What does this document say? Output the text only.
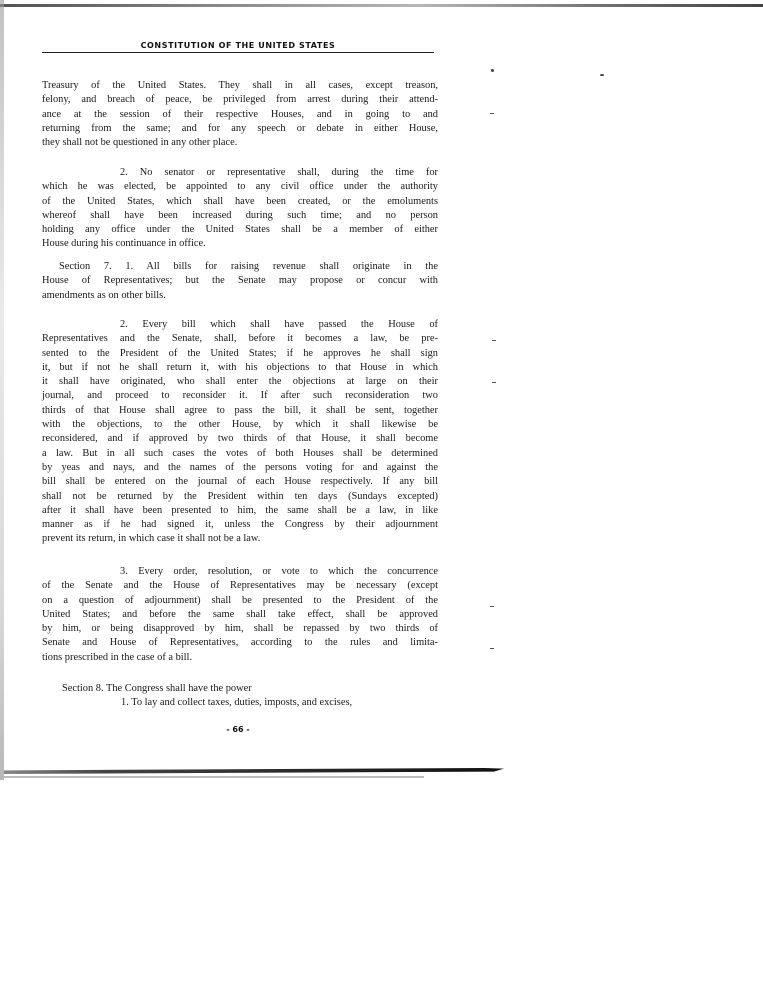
CONSTITUTION OF THE UNITED STATES
Treasury of the United States. They shall in all cases, except treason,
felony, and breach of peace, be privileged from arrest during their attend-
ance at the session of their respective Houses, and in going to and
returning from the same; and for any speech or debate in either House,
they shall not be questioned in any other place.
2. No senator or representative shall, during the time for
which he was elected, be appointed to any civil office under the authority
of the United States, which shall have been created, or the emoluments
whereof shall have been increased during such time; and no person
holding any office under the United States shall be a member of either
House during his continuance in office.
Section 7. 1. All bills for raising revenue shall originate in the
House of Representatives; but the Senate may propose or concur with
amendments as on other bills.
2. Every bill which shall have passed the House of
Representatives and the Senate, shall, before it becomes a law, be pre-
sented to the President of the United States; if he approves he shall sign
it, but if not he shall return it, with his objections to that House in which
it shall have originated, who shall enter the objections at large on their
journal, and proceed to reconsider it. If after such reconsideration two
thirds of that House shall agree to pass the bill, it shall be sent, together
with the objections, to the other House, by which it shall likewise be
reconsidered, and if approved by two thirds of that House, it shall become
a law. But in all such cases the votes of both Houses shall be determined
by yeas and nays, and the names of the persons voting for and against the
bill shall be entered on the journal of each House respectively. If any bill
shall not be returned by the President within ten days (Sundays excepted)
after it shall have been presented to him, the same shall be a law, in like
manner as if he had signed it, unless the Congress by their adjournment
prevent its return, in which case it shall not be a law.
3. Every order, resolution, or vote to which the concurrence
of the Senate and the House of Representatives may be necessary (except
on a question of adjournment) shall be presented to the President of the
United States; and before the same shall take effect, shall be approved
by him, or being disapproved by him, shall be repassed by two thirds of
Senate and House of Representatives, according to the rules and limita-
tions prescribed in the case of a bill.
Section 8. The Congress shall have the power
1. To lay and collect taxes, duties, imposts, and excises,
- 66 -
